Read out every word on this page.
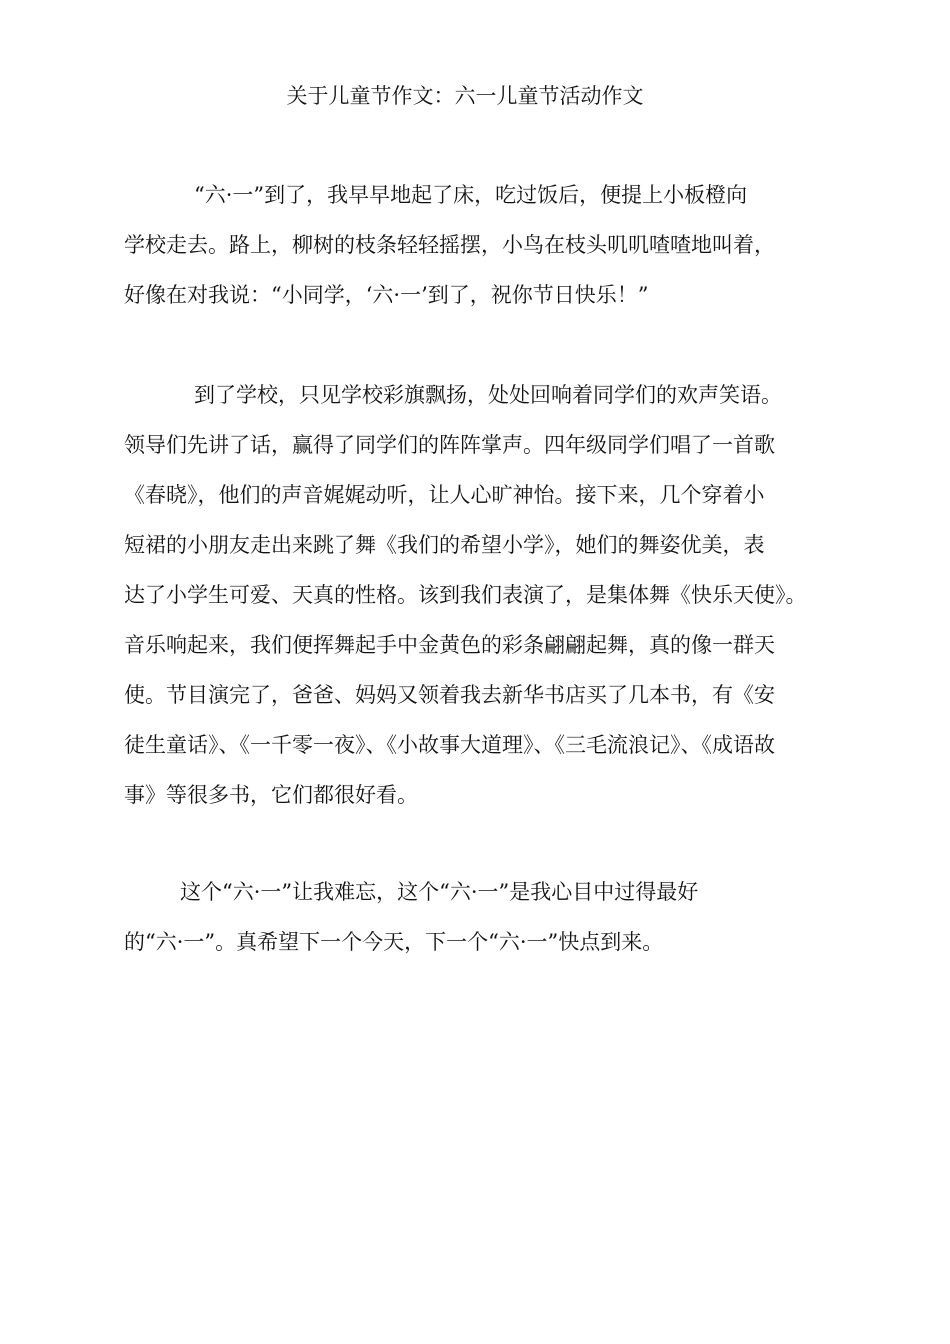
关于儿童节作文：六一儿童节活动作文
“六·一”到了，我早早地起了床，吃过饭后，便提上小板橙向
学校走去。路上，柳树的枝条轻轻摇摆，小鸟在枝头叽叽喳喳地叫着，
好像在对我说：“小同学，‘六·一’到了，祝你节日快乐！”
到了学校，只见学校彩旗飘扬，处处回响着同学们的欢声笑语。
领导们先讲了话，赢得了同学们的阵阵掌声。四年级同学们唱了一首歌
《春晓》，他们的声音娓娓动听，让人心旷神怡。接下来，几个穿着小
短裙的小朋友走出来跳了舞《我们的希望小学》，她们的舞姿优美，表
达了小学生可爱、天真的性格。该到我们表演了，是集体舞《快乐天使》。
音乐响起来，我们便挥舞起手中金黄色的彩条翩翩起舞，真的像一群天
使。节目演完了，爸爸、妈妈又领着我去新华书店买了几本书，有《安
徒生童话》、《一千零一夜》、《小故事大道理》、《三毛流浪记》、《成语故
事》等很多书，它们都很好看。
这个“六·一”让我难忘，这个“六·一”是我心目中过得最好
的“六·一”。真希望下一个今天，下一个“六·一”快点到来。
